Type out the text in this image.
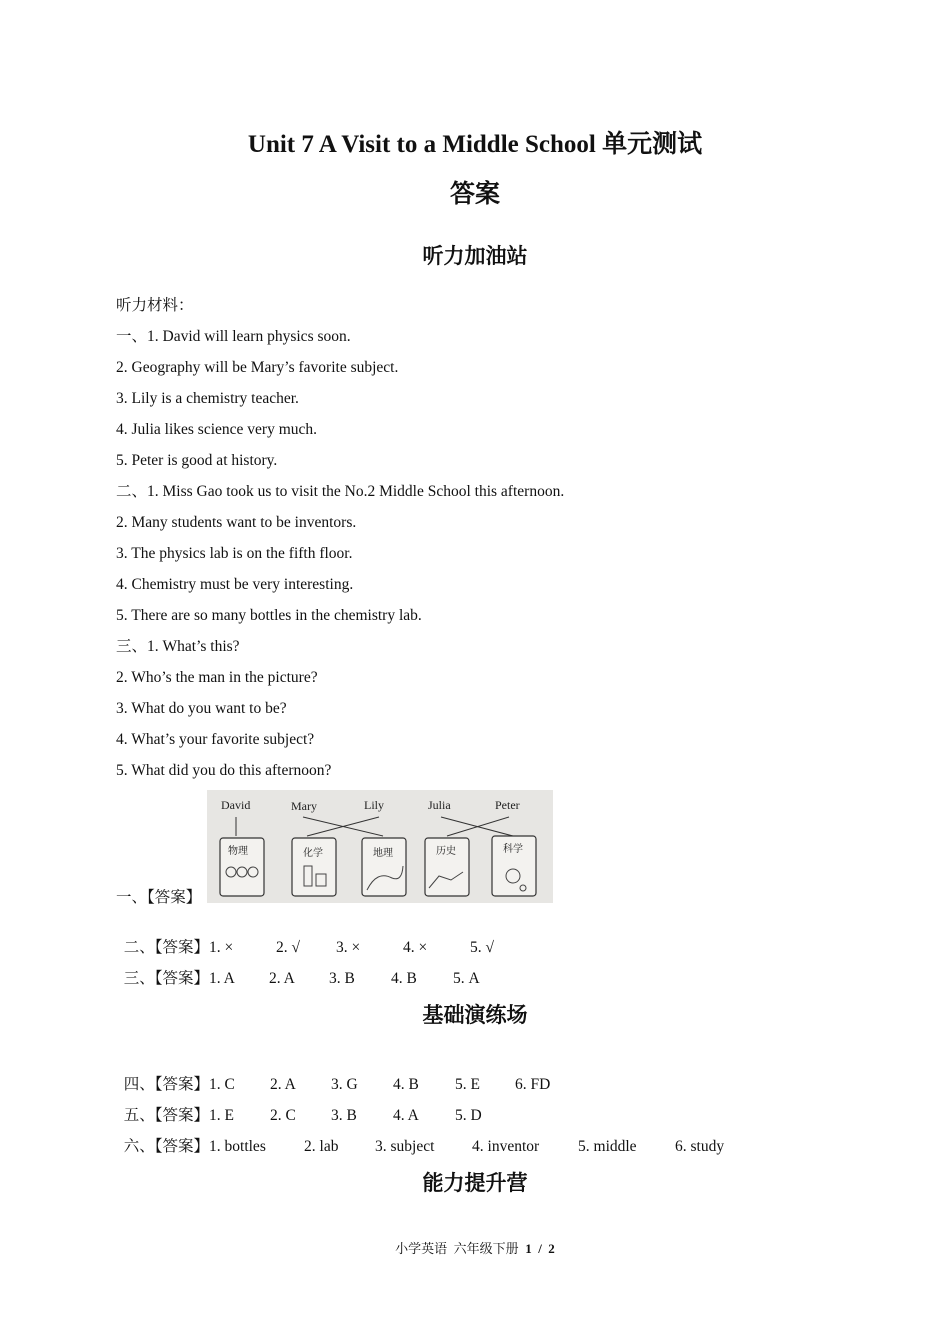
Unit 7 A Visit to a Middle School 单元测试
答案
听力加油站
听力材料：
一、1. David will learn physics soon.
2. Geography will be Mary’s favorite subject.
3. Lily is a chemistry teacher.
4. Julia likes science very much.
5. Peter is good at history.
二、1. Miss Gao took us to visit the No.2 Middle School this afternoon.
2. Many students want to be inventors.
3. The physics lab is on the fifth floor.
4. Chemistry must be very interesting.
5. There are so many bottles in the chemistry lab.
三、1. What’s this?
2. Who’s the man in the picture?
3. What do you want to be?
4. What’s your favorite subject?
5. What did you do this afternoon?
David	Mary	Lily	Julia	Peter
物理	化学	地理	历史	科学
一、【答案】

二、【答案】1. ×	2. √ 3. ×	4. ×	5. √

三、【答案】1. A 2. A 3. B 4. B 5. A

基础演练场

四、【答案】1. C 2. A 3. G 4. B 5. E 6. FD

五、【答案】1. E 2. C 3. B 4. A 5. D

六、【答案】1. bottles 2. lab 3. subject 4. inventor	5. middle 6. study

能力提升营
小学英语  六年级下册  1  /  2
